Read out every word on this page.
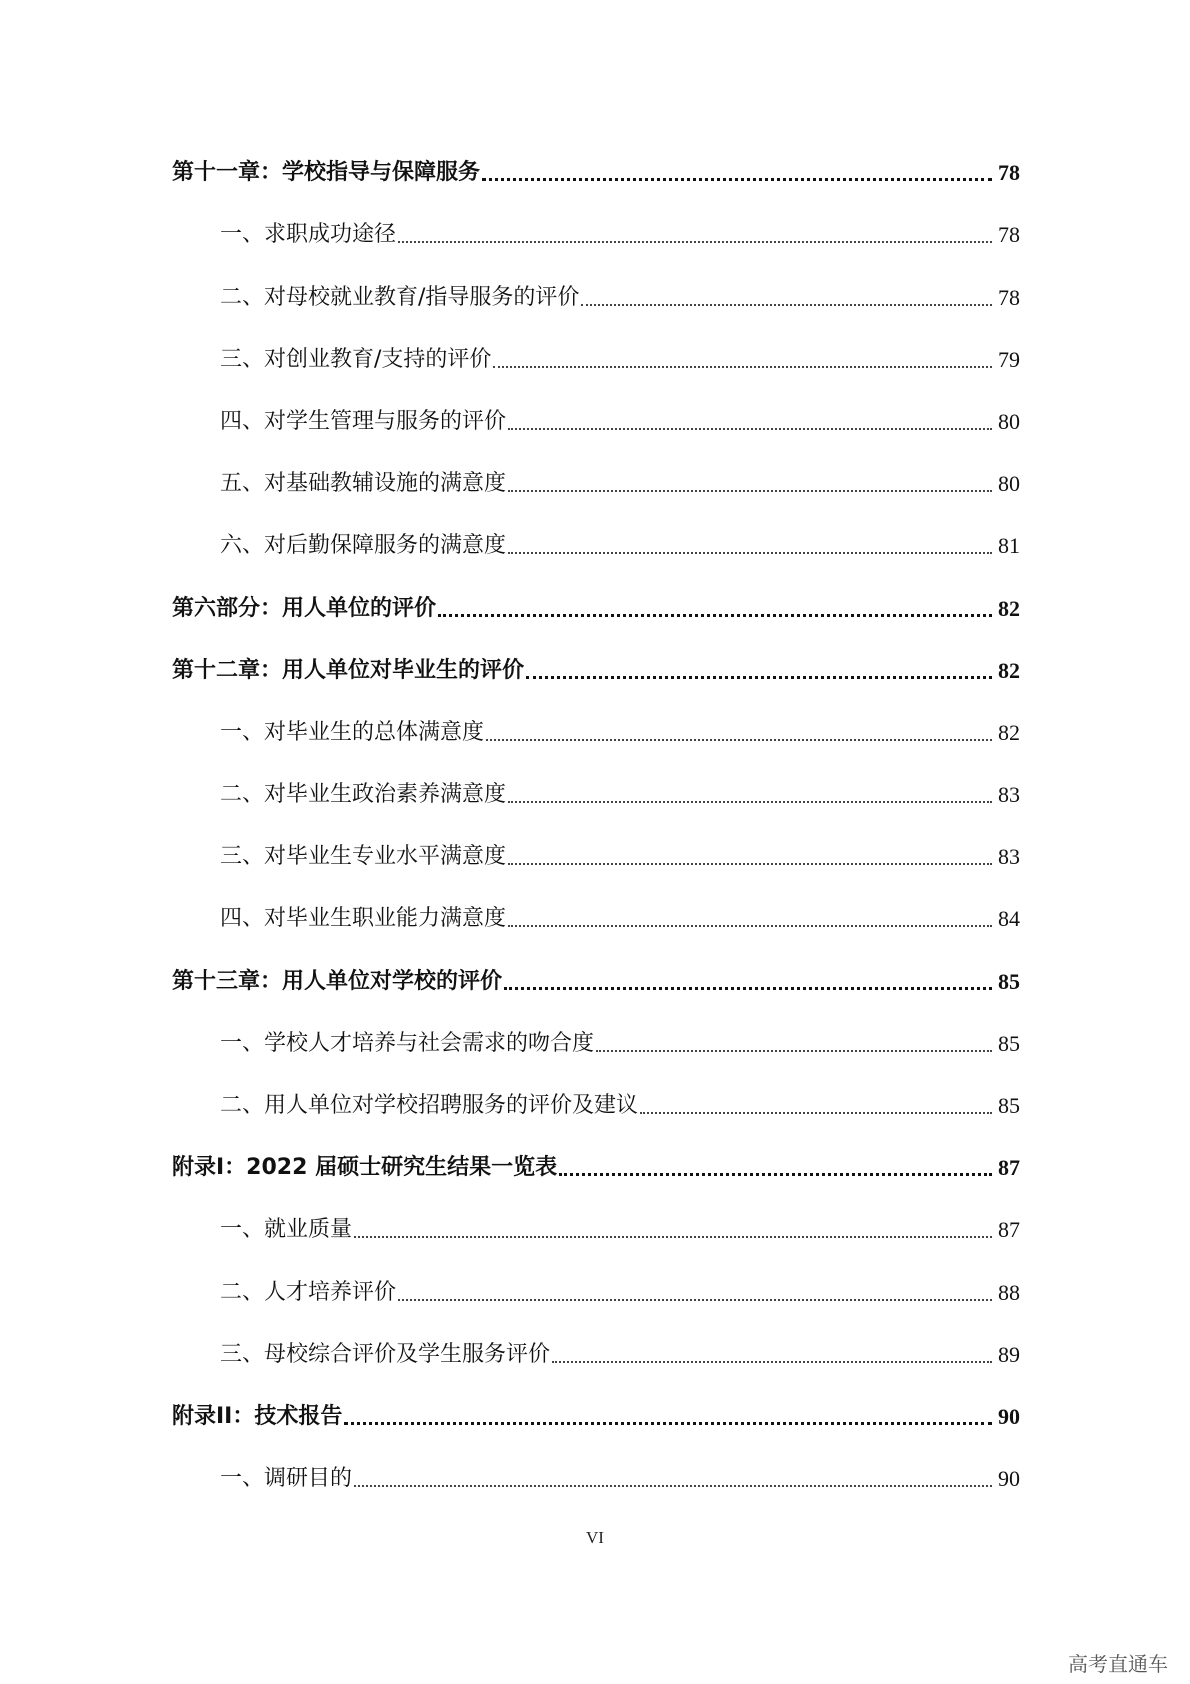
第十一章：学校指导与保障服务	78
一、求职成功途径	78
二、对母校就业教育/指导服务的评价	78
三、对创业教育/支持的评价	79
四、对学生管理与服务的评价	80
五、对基础教辅设施的满意度	80
六、对后勤保障服务的满意度	81
第六部分：用人单位的评价	82
第十二章：用人单位对毕业生的评价	82
一、对毕业生的总体满意度	82
二、对毕业生政治素养满意度	83
三、对毕业生专业水平满意度	83
四、对毕业生职业能力满意度	84
第十三章：用人单位对学校的评价	85
一、学校人才培养与社会需求的吻合度	85
二、用人单位对学校招聘服务的评价及建议	85
附录Ⅰ：2022 届硕士研究生结果一览表	87
一、就业质量	87
二、人才培养评价	88
三、母校综合评价及学生服务评价	89
附录II：技术报告	90
一、调研目的	90
VI
高考直通车
